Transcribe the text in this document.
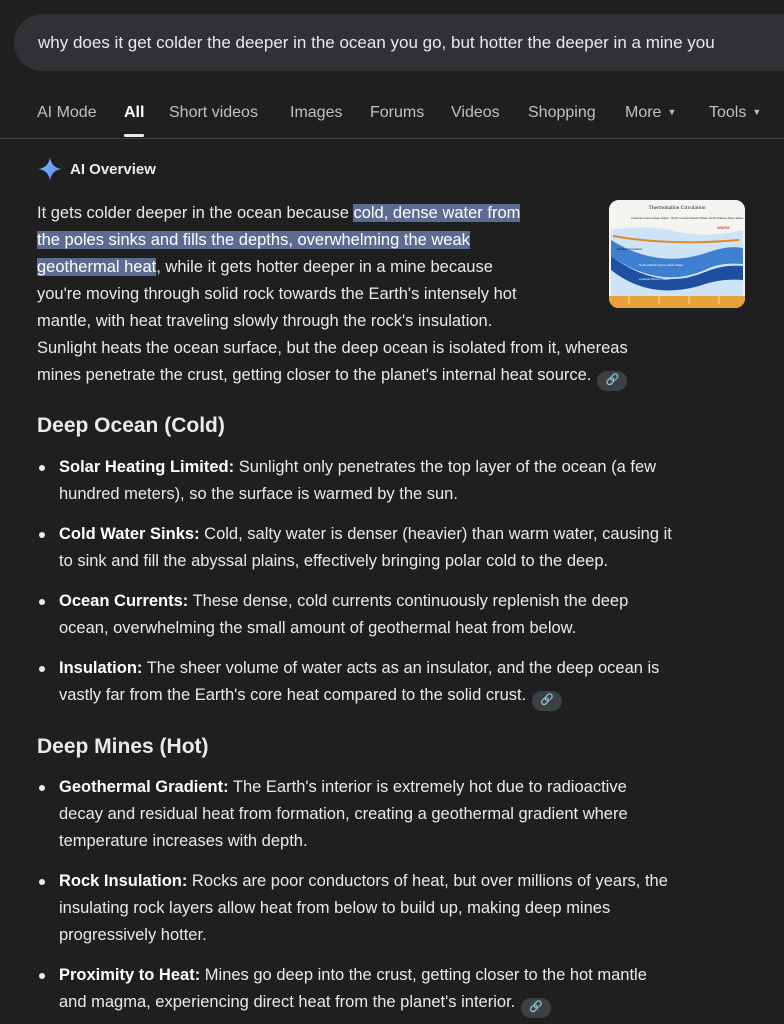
why does it get colder the deeper in the ocean you go, but hotter the deeper in a mine you
AI Mode All Short videos Images Forums Videos Shopping More ▼ Tools ▼
AI Overview
It gets colder deeper in the ocean because cold, dense water from
the poles sinks and fills the depths, overwhelming the weak
geothermal heat, while it gets hotter deeper in a mine because
you're moving through solid rock towards the Earth's intensely hot
mantle, with heat traveling slowly through the rock's insulation.
Sunlight heats the ocean surface, but the deep ocean is isolated from it, whereas
mines penetrate the crust, getting closer to the planet's internal heat source. 🔗
Thermohaline Circulation
Antarctic Intermediate Water North Central Atlantic Water North Atlantic Deep Water
WARM
Surface Circulation
North Atlantic Intermediate Water
Antarctic Bottom Water
Deep Ocean (Cold)
Solar Heating Limited: Sunlight only penetrates the top layer of the ocean (a few
hundred meters), so the surface is warmed by the sun.
Cold Water Sinks: Cold, salty water is denser (heavier) than warm water, causing it
to sink and fill the abyssal plains, effectively bringing polar cold to the deep.
Ocean Currents: These dense, cold currents continuously replenish the deep
ocean, overwhelming the small amount of geothermal heat from below.
Insulation: The sheer volume of water acts as an insulator, and the deep ocean is
vastly far from the Earth's core heat compared to the solid crust. 🔗
Deep Mines (Hot)
Geothermal Gradient: The Earth's interior is extremely hot due to radioactive
decay and residual heat from formation, creating a geothermal gradient where
temperature increases with depth.
Rock Insulation: Rocks are poor conductors of heat, but over millions of years, the
insulating rock layers allow heat from below to build up, making deep mines
progressively hotter.
Proximity to Heat: Mines go deep into the crust, getting closer to the hot mantle
and magma, experiencing direct heat from the planet's interior. 🔗
